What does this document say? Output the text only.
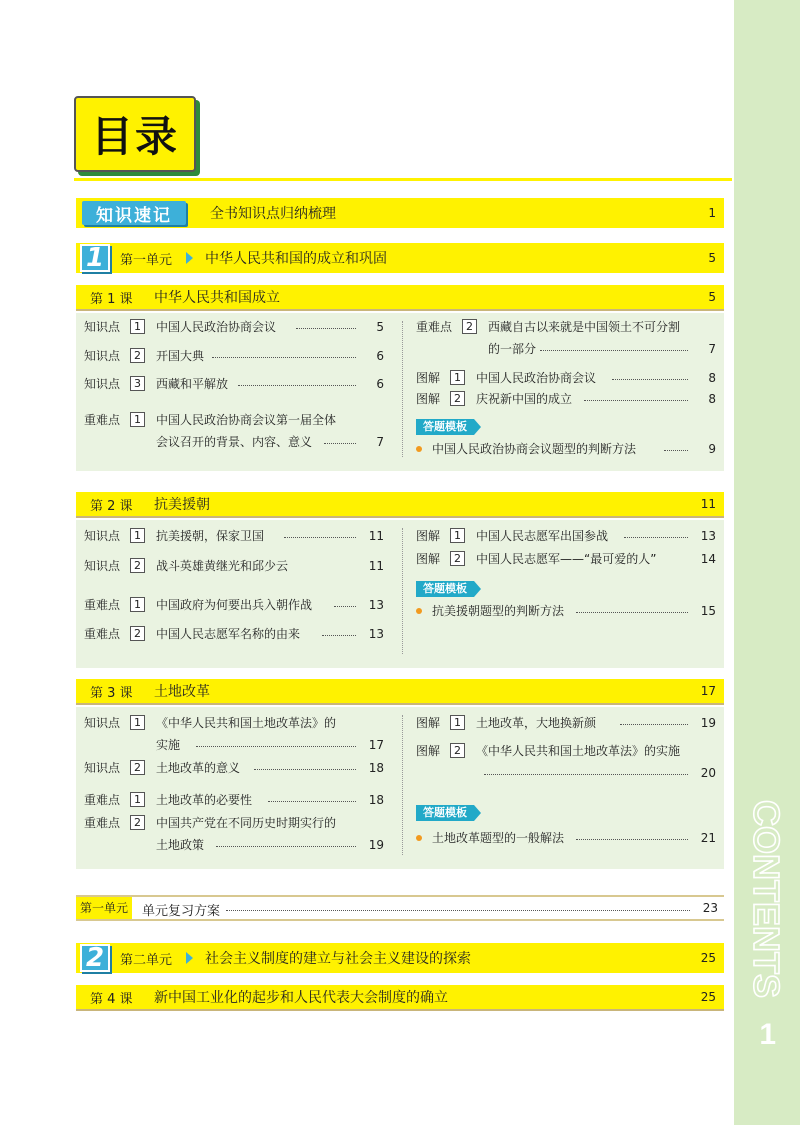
CONTENTS
1
目录
知识速记	全书知识点归纳梳理	1
1	第一单元	中华人民共和国的成立和巩固	5
第 1 课	中华人民共和国成立	5
知识点	1	中国人民政治协商会议	5
知识点	2	开国大典	6
知识点	3	西藏和平解放	6
重难点	1	中国人民政治协商会议第一届全体
会议召开的背景、内容、意义	7
重难点	2	西藏自古以来就是中国领土不可分割
的一部分	7
图解	1	中国人民政治协商会议	8
图解	2	庆祝新中国的成立	8
答题模板
中国人民政治协商会议题型的判断方法	9
第 2 课	抗美援朝	11
知识点	1	抗美援朝，保家卫国	11
知识点	2	战斗英雄黄继光和邱少云	11
重难点	1	中国政府为何要出兵入朝作战	13
重难点	2	中国人民志愿军名称的由来	13
图解	1	中国人民志愿军出国参战	13
图解	2	中国人民志愿军——“最可爱的人”	14
答题模板
抗美援朝题型的判断方法	15
第 3 课	土地改革	17
知识点	1	《中华人民共和国土地改革法》的
实施	17
知识点	2	土地改革的意义	18
重难点	1	土地改革的必要性	18
重难点	2	中国共产党在不同历史时期实行的
土地政策	19
图解	1	土地改革，大地换新颜	19
图解	2	《中华人民共和国土地改革法》的实施
20
答题模板
土地改革题型的一般解法	21
第一单元	单元复习方案	23
2	第二单元	社会主义制度的建立与社会主义建设的探索	25
第 4 课	新中国工业化的起步和人民代表大会制度的确立	25
